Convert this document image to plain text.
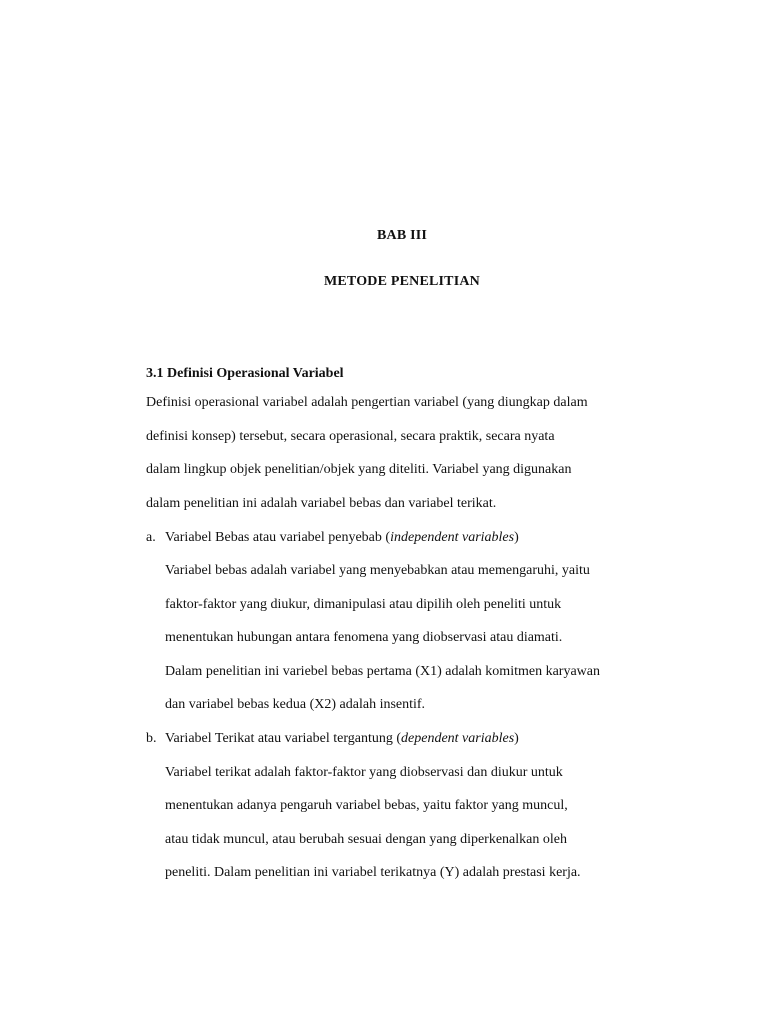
BAB III
METODE PENELITIAN
3.1 Definisi Operasional Variabel
Definisi operasional variabel adalah pengertian variabel (yang diungkap dalam
definisi konsep) tersebut, secara operasional, secara praktik, secara nyata
dalam lingkup objek penelitian/objek yang diteliti. Variabel yang digunakan
dalam penelitian ini adalah variabel bebas dan variabel terikat.
a. Variabel Bebas atau variabel penyebab (independent variables)
Variabel bebas adalah variabel yang menyebabkan atau memengaruhi, yaitu
faktor-faktor yang diukur, dimanipulasi atau dipilih oleh peneliti untuk
menentukan hubungan antara fenomena yang diobservasi atau diamati.
Dalam penelitian ini variebel bebas pertama (X1) adalah komitmen karyawan
dan variabel bebas kedua (X2) adalah insentif.
b. Variabel Terikat atau variabel tergantung (dependent variables)
Variabel terikat adalah faktor-faktor yang diobservasi dan diukur untuk
menentukan adanya pengaruh variabel bebas, yaitu faktor yang muncul,
atau tidak muncul, atau berubah sesuai dengan yang diperkenalkan oleh
peneliti. Dalam penelitian ini variabel terikatnya (Y) adalah prestasi kerja.
